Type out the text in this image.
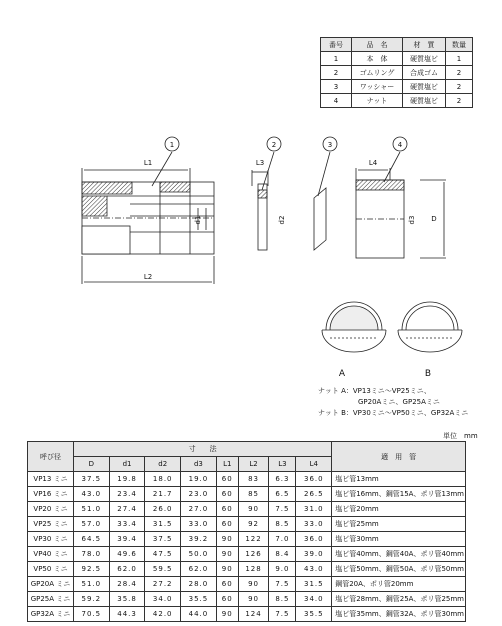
番号	品　名	材　質	数量
1	本　体	硬質塩ビ	1
2	ゴムリング	合成ゴム	2
3	ワッシャー	硬質塩ビ	2
4	ナット	硬質塩ビ	2
1	2	3	4
L1
L2
L3	L4
d1	d2	d3 D
A	B
ナット A：VP13ミニ～VP25ミニ、
GP20Aミニ、GP25Aミニ
ナット B：VP30ミニ～VP50ミニ、GP32Aミニ
単位　mm
呼び径	寸　　法								適　用　管
	D	d1	d2	d3	L1	L2	L3	L4	
VP13 ミニ	37.5	19.8	18.0	19.0	60	83	6.3	36.0	塩ビ管13mm
VP16 ミニ	43.0	23.4	21.7	23.0	60	85	6.5	26.5	塩ビ管16mm、鋼管15A、ポリ管13mm
VP20 ミニ	51.0	27.4	26.0	27.0	60	90	7.5	31.0	塩ビ管20mm
VP25 ミニ	57.0	33.4	31.5	33.0	60	92	8.5	33.0	塩ビ管25mm
VP30 ミニ	64.5	39.4	37.5	39.2	90	122	7.0	36.0	塩ビ管30mm
VP40 ミニ	78.0	49.6	47.5	50.0	90	126	8.4	39.0	塩ビ管40mm、鋼管40A、ポリ管40mm
VP50 ミニ	92.5	62.0	59.5	62.0	90	128	9.0	43.0	塩ビ管50mm、鋼管50A、ポリ管50mm
GP20A ミニ	51.0	28.4	27.2	28.0	60	90	7.5	31.5	鋼管20A、ポリ管20mm
GP25A ミニ	59.2	35.8	34.0	35.5	60	90	8.5	34.0	塩ビ管28mm、鋼管25A、ポリ管25mm
GP32A ミニ	70.5	44.3	42.0	44.0	90	124	7.5	35.5	塩ビ管35mm、鋼管32A、ポリ管30mm
